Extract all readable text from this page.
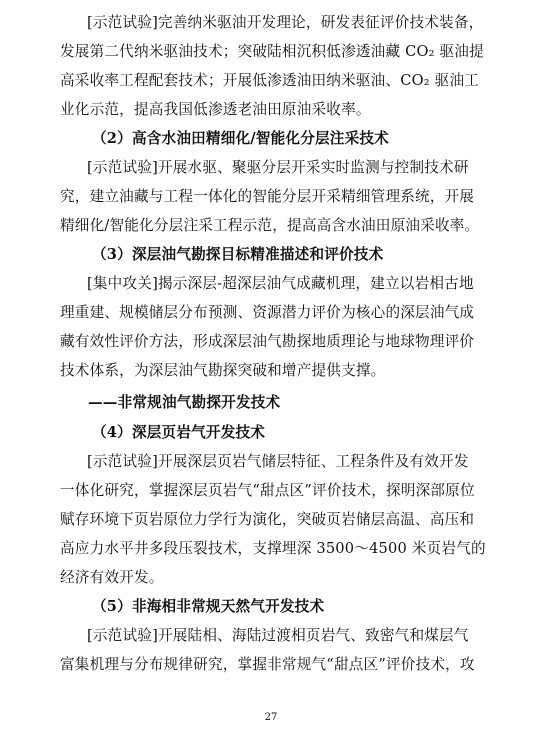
[示范试验]完善纳米驱油开发理论，研发表征评价技术装备，
发展第二代纳米驱油技术；突破陆相沉积低渗透油藏 CO₂ 驱油提
高采收率工程配套技术；开展低渗透油田纳米驱油、CO₂ 驱油工
业化示范，提高我国低渗透老油田原油采收率。
（2）高含水油田精细化/智能化分层注采技术
[示范试验]开展水驱、聚驱分层开采实时监测与控制技术研
究，建立油藏与工程一体化的智能分层开采精细管理系统，开展
精细化/智能化分层注采工程示范，提高高含水油田原油采收率。
（3）深层油气勘探目标精准描述和评价技术
[集中攻关]揭示深层-超深层油气成藏机理，建立以岩相古地
理重建、规模储层分布预测、资源潜力评价为核心的深层油气成
藏有效性评价方法，形成深层油气勘探地质理论与地球物理评价
技术体系，为深层油气勘探突破和增产提供支撑。
——非常规油气勘探开发技术
（4）深层页岩气开发技术
[示范试验]开展深层页岩气储层特征、工程条件及有效开发
一体化研究，掌握深层页岩气“甜点区”评价技术，探明深部原位
赋存环境下页岩原位力学行为演化，突破页岩储层高温、高压和
高应力水平井多段压裂技术，支撑埋深 3500～4500 米页岩气的
经济有效开发。
（5）非海相非常规天然气开发技术
[示范试验]开展陆相、海陆过渡相页岩气、致密气和煤层气
富集机理与分布规律研究，掌握非常规气“甜点区”评价技术，攻
27
